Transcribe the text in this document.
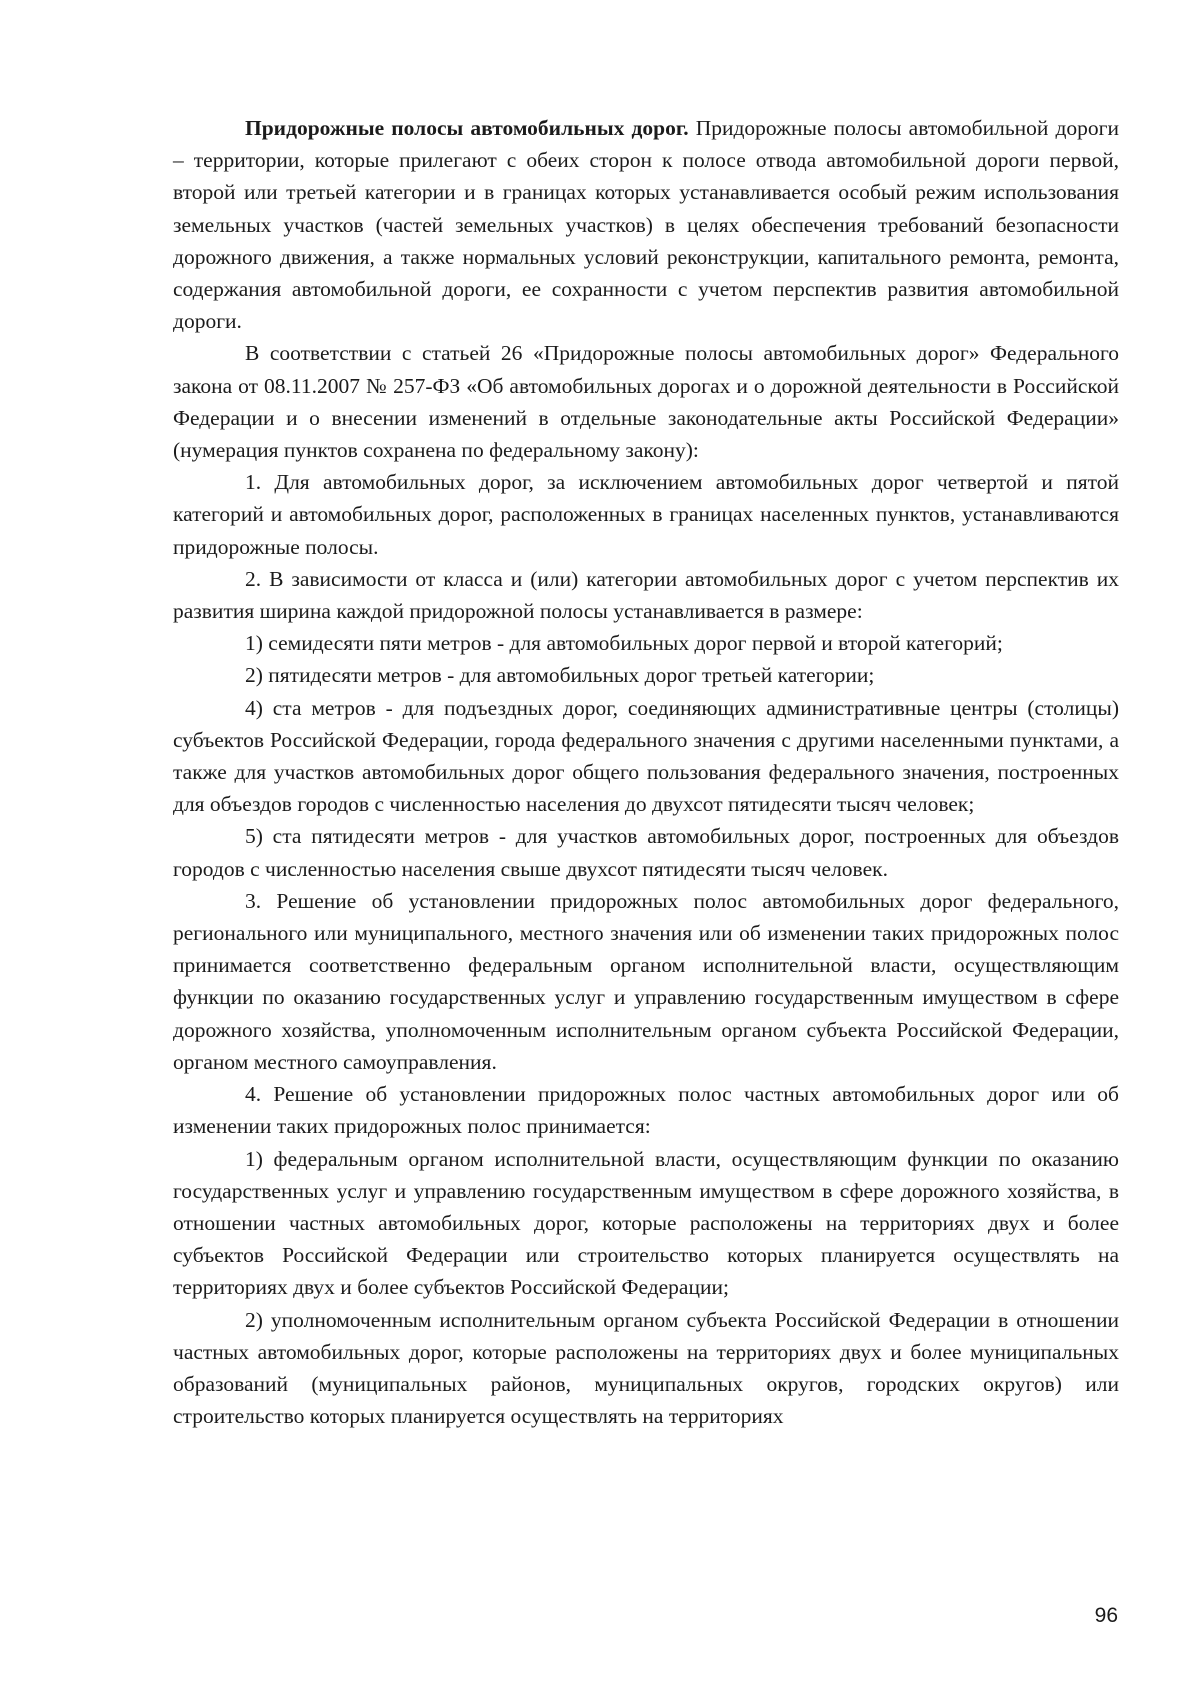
Придорожные полосы автомобильных дорог. Придорожные полосы автомобильной дороги – территории, которые прилегают с обеих сторон к полосе отвода автомобильной дороги первой, второй или третьей категории и в границах которых устанавливается особый режим использования земельных участков (частей земельных участков) в целях обеспечения требований безопасности дорожного движения, а также нормальных условий реконструкции, капитального ремонта, ремонта, содержания автомобильной дороги, ее сохранности с учетом перспектив развития автомобильной дороги.

В соответствии с статьей 26 «Придорожные полосы автомобильных дорог» Федерального закона от 08.11.2007 № 257-ФЗ «Об автомобильных дорогах и о дорожной деятельности в Российской Федерации и о внесении изменений в отдельные законодательные акты Российской Федерации» (нумерация пунктов сохранена по федеральному закону):

1. Для автомобильных дорог, за исключением автомобильных дорог четвертой и пятой категорий и автомобильных дорог, расположенных в границах населенных пунктов, устанавливаются придорожные полосы.

2. В зависимости от класса и (или) категории автомобильных дорог с учетом перспектив их развития ширина каждой придорожной полосы устанавливается в размере:

1) семидесяти пяти метров - для автомобильных дорог первой и второй категорий;

2) пятидесяти метров - для автомобильных дорог третьей категории;

4) ста метров - для подъездных дорог, соединяющих административные центры (столицы) субъектов Российской Федерации, города федерального значения с другими населенными пунктами, а также для участков автомобильных дорог общего пользования федерального значения, построенных для объездов городов с численностью населения до двухсот пятидесяти тысяч человек;

5) ста пятидесяти метров - для участков автомобильных дорог, построенных для объездов городов с численностью населения свыше двухсот пятидесяти тысяч человек.

3. Решение об установлении придорожных полос автомобильных дорог федерального, регионального или муниципального, местного значения или об изменении таких придорожных полос принимается соответственно федеральным органом исполнительной власти, осуществляющим функции по оказанию государственных услуг и управлению государственным имуществом в сфере дорожного хозяйства, уполномоченным исполнительным органом субъекта Российской Федерации, органом местного самоуправления.

4. Решение об установлении придорожных полос частных автомобильных дорог или об изменении таких придорожных полос принимается:

1) федеральным органом исполнительной власти, осуществляющим функции по оказанию государственных услуг и управлению государственным имуществом в сфере дорожного хозяйства, в отношении частных автомобильных дорог, которые расположены на территориях двух и более субъектов Российской Федерации или строительство которых планируется осуществлять на территориях двух и более субъектов Российской Федерации;

2) уполномоченным исполнительным органом субъекта Российской Федерации в отношении частных автомобильных дорог, которые расположены на территориях двух и более муниципальных образований (муниципальных районов, муниципальных округов, городских округов) или строительство которых планируется осуществлять на территориях

96
